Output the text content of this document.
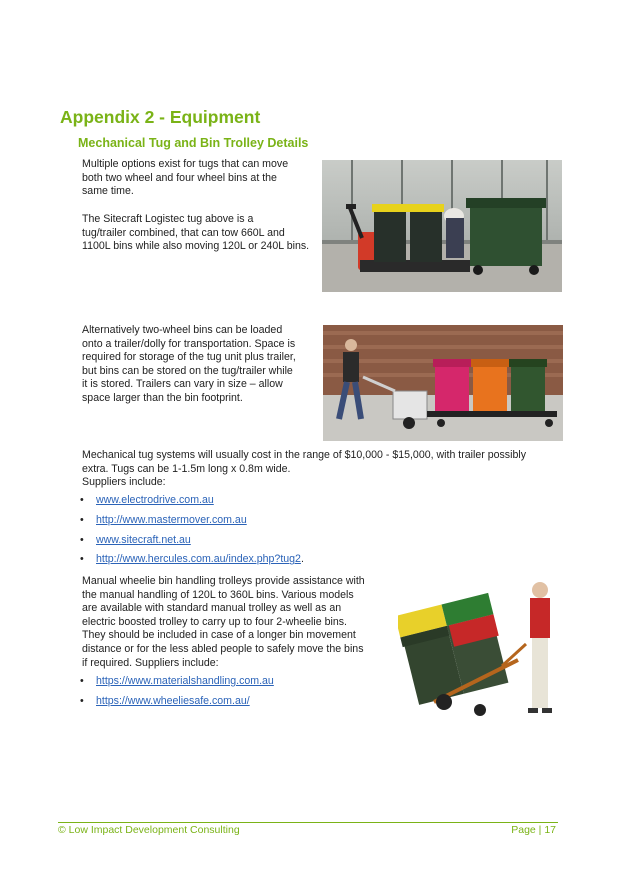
Appendix 2 - Equipment
Mechanical Tug and Bin Trolley Details

Multiple options exist for tugs that can move
both two wheel and four wheel bins at the
same time.

The Sitecraft Logistec tug above is a
tug/trailer combined, that can tow 660L and
1100L bins while also moving 120L or 240L bins.

Alternatively two-wheel bins can be loaded
onto a trailer/dolly for transportation. Space is
required for storage of the tug unit plus trailer,
but bins can be stored on the tug/trailer while
it is stored. Trailers can vary in size – allow
space larger than the bin footprint.

Mechanical tug systems will usually cost in the range of $10,000 - $15,000, with trailer possibly
extra. Tugs can be 1-1.5m long x 0.8m wide.
Suppliers include:

• www.electrodrive.com.au
• http://www.mastermover.com.au
• www.sitecraft.net.au
• http://www.hercules.com.au/index.php?tug2.

Manual wheelie bin handling trolleys provide assistance with
the manual handling of 120L to 360L bins. Various models
are available with standard manual trolley as well as an
electric boosted trolley to carry up to four 2-wheelie bins.
They should be included in case of a longer bin movement
distance or for the less abled people to safely move the bins
if required. Suppliers include:

• https://www.materialshandling.com.au
• https://www.wheeliesafe.com.au/
© Low Impact Development Consulting	Page | 17
